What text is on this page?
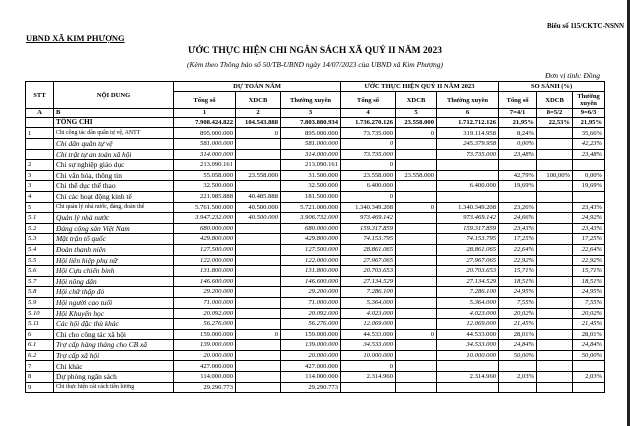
Biểu số 115/CKTC-NSNN
UBND XÃ KIM PHƯỢNG
ƯỚC THỰC HIỆN CHI NGÂN SÁCH XÃ QUÝ II NĂM 2023
(Kèm theo Thông báo số 50/TB-UBND ngày 14/07/2023 của UBND xã Kim Phượng)
Đơn vị tính: Đồng
STT	NỘI DUNG	DỰ TOÁN NĂM			ƯỚC THỰC HIỆN QUÝ II NĂM 2023			SO SÁNH (%)		
		Tổng số	XDCB	Thường xuyên	Tổng số	XDCB	Thường xuyên	Tổng số	XDCB	Thường xuyên
A	B	1	2	3	4	5	6	7=4/1	8=5/2	9=6/3
	TỔNG CHI	7.908.424.822	104.543.888	7.803.880.934	1.736.270.126	23.558.000	1.712.712.126	21,95%	22,53%	21,95%
1	Chi công tác dân quân tự vệ, ANTT	895.000.000	0	895.000.000	73.735.000	0	319.114.958	8,24%		35,66%
	Chi dân quân tự vệ	581.000.000		581.000.000	0		245.379.958	0,00%		42,23%
	Chi trật tự an toàn xã hội	314.000.000		314.000.000	73.735.000		73.735.000	23,48%		23,48%
2	Chi sự nghiệp giáo dục	213.090.161		213.090.161	0					
3	Chi văn hóa, thông tin	55.058.000	23.558.000	31.500.000	23.558.000	23.558.000		42,79%	100,00%	0,00%
3	Chi thể dục thể thao	32.500.000		32.500.000	6.400.000		6.400.000	19,69%		19,69%
4	Chi các hoạt động kinh tế	221.985.888	40.485.888	181.500.000	0					
5	Chi quản lý nhà nước, đảng, đoàn thể	5.761.500.000	40.500.000	5.721.000.000	1.340.349.208	0	1.340.349.208	23,26%		23,43%
5.1	Quản lý nhà nước	3.947.232.000	40.500.000	3.906.732.000	973.469.142		973.469.142	24,66%		24,92%
5.2	Đảng cộng sản Việt Nam	680.000.000		680.000.000	159.317.859		159.317.859	23,43%		23,43%
5.3	Mặt trận tổ quốc	429.800.000		429.800.000	74.153.795		74.153.795	17,25%		17,25%
5.4	Đoàn thanh niên	127.500.000		127.500.000	28.861.065		28.861.065	22,64%		22,64%
5.5	Hội liên hiệp phụ nữ	122.000.000		122.000.000	27.967.065		27.967.065	22,92%		22,92%
5.6	Hội Cựu chiến binh	131.800.000		131.800.000	20.703.653		20.703.653	15,71%		15,71%
5.7	Hội nông dân	146.600.000		146.600.000	27.134.529		27.134.529	18,51%		18,51%
5.8	Hội chữ thập đỏ	29.200.000		29.200.000	7.286.100		7.286.100	24,95%		24,95%
5.9	Hội người cao tuổi	71.000.000		71.000.000	5.364.000		5.364.000	7,55%		7,55%
5.10	Hội Khuyến học	20.092.000		20.092.000	4.023.000		4.023.000	20,02%		20,02%
5.11	Các hội đặc thù khác	56.276.000		56.276.000	12.069.000		12.069.000	21,45%		21,45%
6	Chi cho công tác xã hội	159.000.000	0	159.000.000	44.533.000	0	44.533.000	28,01%		28,01%
6.1	Trợ cấp hàng tháng cho CB xã	139.000.000		139.000.000	34.533.000		34.533.000	24,84%		24,84%
6.2	Trợ cấp xã hội	20.000.000		20.000.000	10.000.000		10.000.000	50,00%		50,00%
7	Chi khác	427.000.000		427.000.000	0					
8	Dự phòng ngân sách	114.000.000		114.000.000	2.314.960		2.314.960	2,03%		2,03%
9	Chi thực hiện cải cách tiền lương	29.290.773		29.290.773						
